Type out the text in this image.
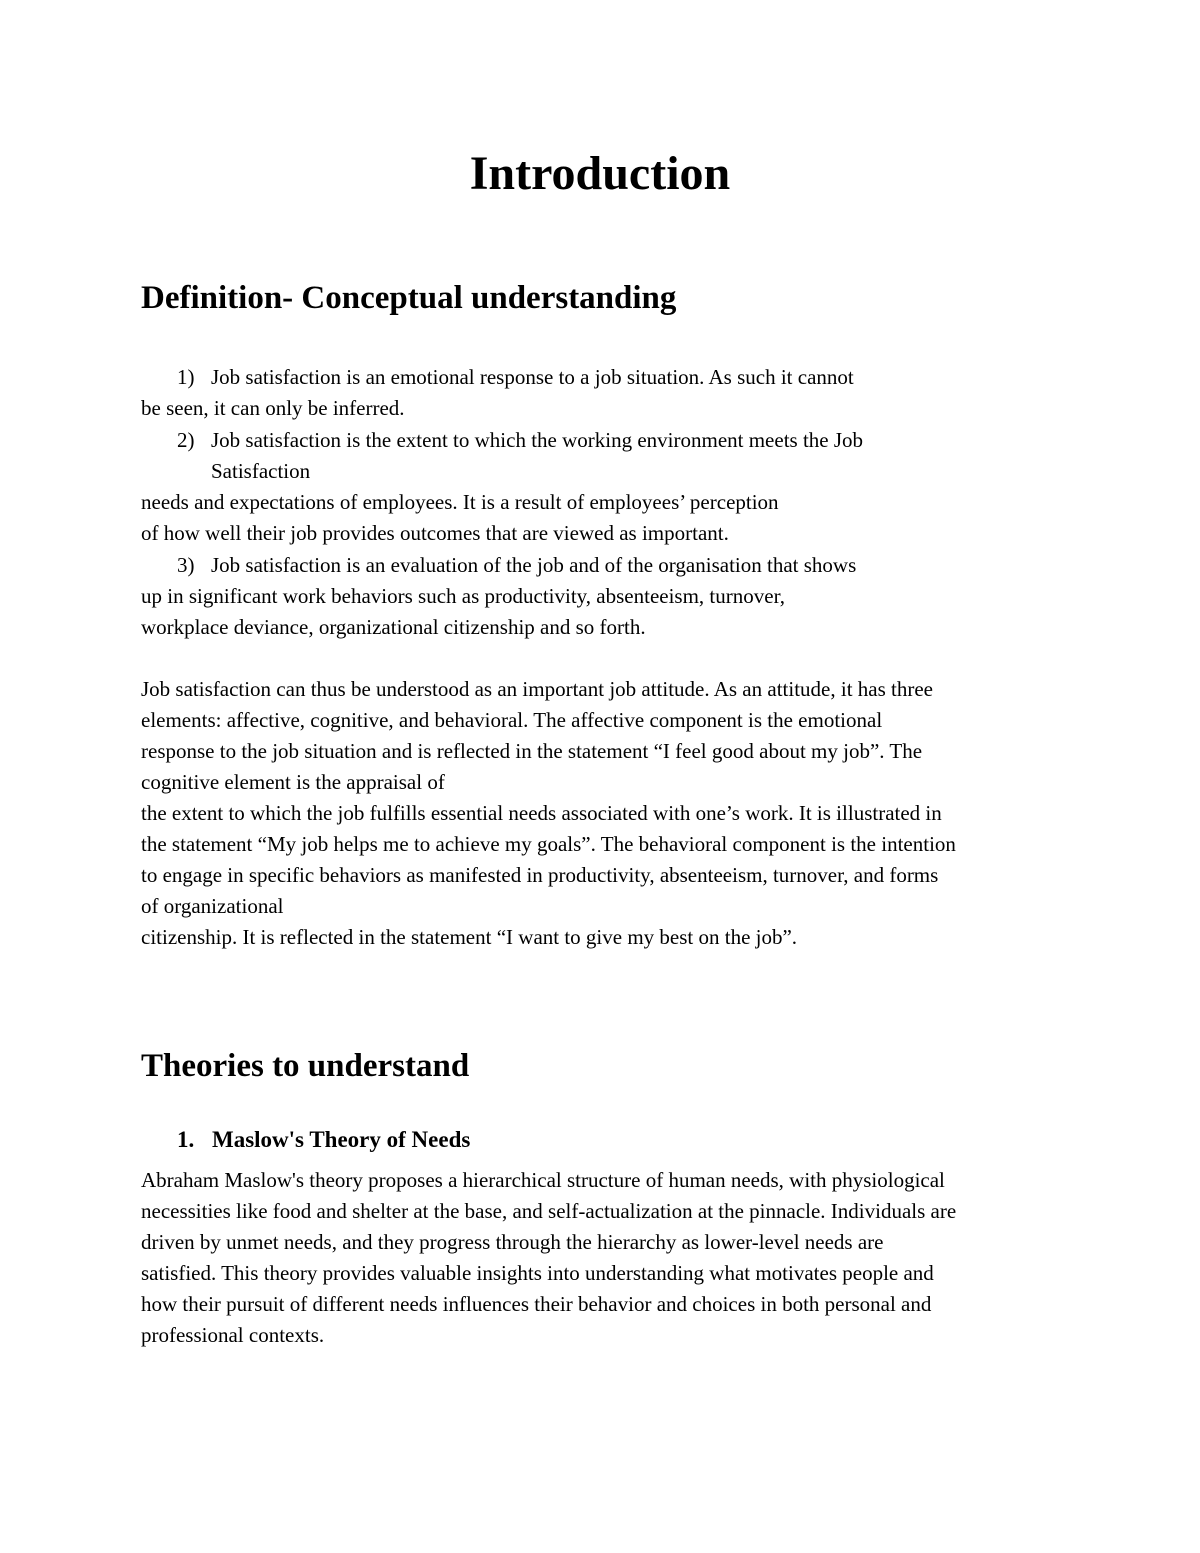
Introduction
Definition- Conceptual understanding
1) Job satisfaction is an emotional response to a job situation. As such it cannot
be seen, it can only be inferred.
2) Job satisfaction is the extent to which the working environment meets the Job
Satisfaction
needs and expectations of employees. It is a result of employees’ perception
of how well their job provides outcomes that are viewed as important.
3) Job satisfaction is an evaluation of the job and of the organisation that shows
up in significant work behaviors such as productivity, absenteeism, turnover,
workplace deviance, organizational citizenship and so forth.
Job satisfaction can thus be understood as an important job attitude. As an attitude, it has three
elements: affective, cognitive, and behavioral. The affective component is the emotional
response to the job situation and is reflected in the statement “I feel good about my job”. The
cognitive element is the appraisal of
the extent to which the job fulfills essential needs associated with one’s work. It is illustrated in
the statement “My job helps me to achieve my goals”. The behavioral component is the intention
to engage in specific behaviors as manifested in productivity, absenteeism, turnover, and forms
of organizational
citizenship. It is reflected in the statement “I want to give my best on the job”.
Theories to understand
1. Maslow's Theory of Needs
Abraham Maslow's theory proposes a hierarchical structure of human needs, with physiological
necessities like food and shelter at the base, and self-actualization at the pinnacle. Individuals are
driven by unmet needs, and they progress through the hierarchy as lower-level needs are
satisfied. This theory provides valuable insights into understanding what motivates people and
how their pursuit of different needs influences their behavior and choices in both personal and
professional contexts.
